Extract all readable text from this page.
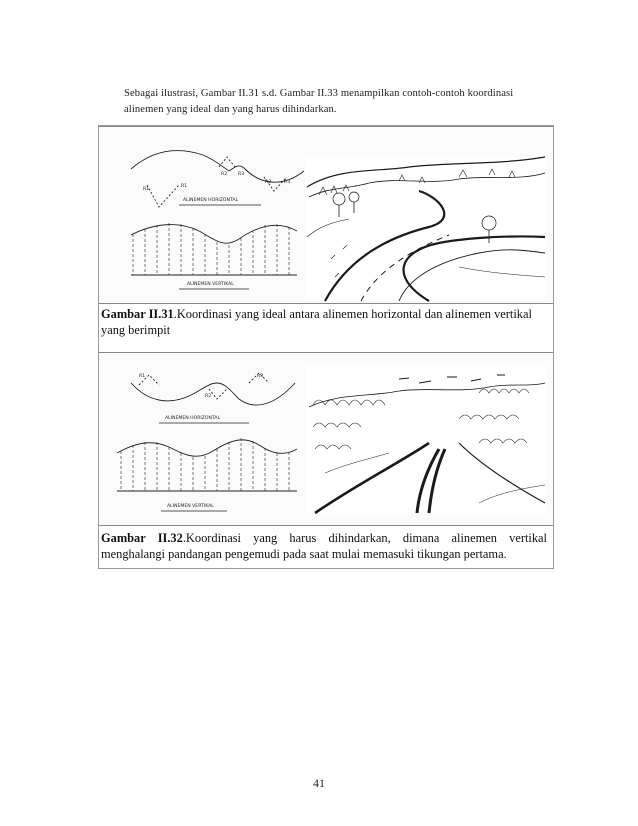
Sebagai ilustrasi, Gambar II.31 s.d. Gambar II.33 menampilkan contoh-contoh koordinasi alinemen yang ideal dan yang harus dihindarkan.
R1
R1
R2 R3
R3	R3
ALINEMEN HORIZONTAL
ALINEMEN VERTIKAL
Gambar II.31.Koordinasi yang ideal antara alinemen horizontal dan alinemen vertikal yang berimpit
R1
R2
R3
ALINEMEN HORIZONTAL
ALINEMEN VERTIKAL
Gambar II.32.Koordinasi yang harus dihindarkan, dimana alinemen vertikal menghalangi pandangan pengemudi pada saat mulai memasuki tikungan pertama.
41
